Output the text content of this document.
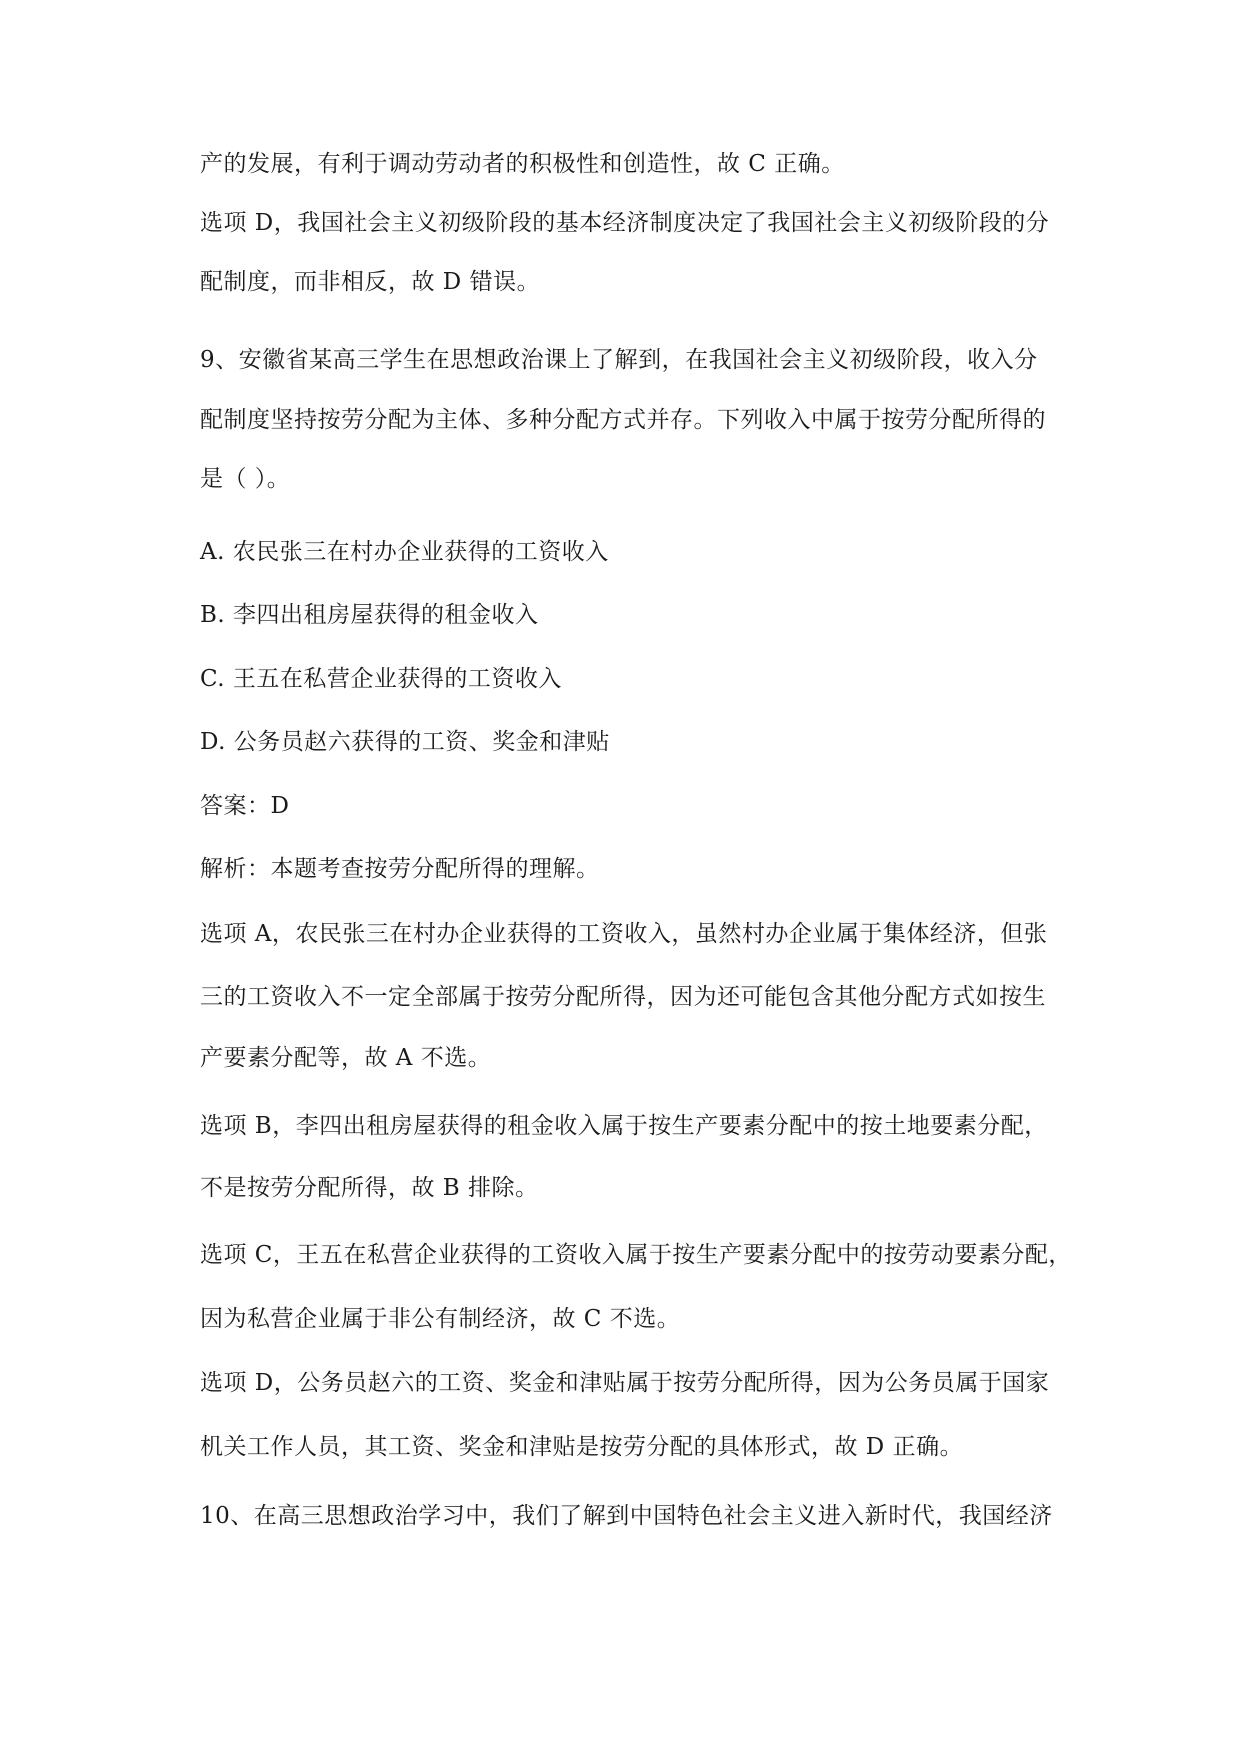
产的发展，有利于调动劳动者的积极性和创造性，故 C 正确。
选项 D，我国社会主义初级阶段的基本经济制度决定了我国社会主义初级阶段的分
配制度，而非相反，故 D 错误。
9、安徽省某高三学生在思想政治课上了解到，在我国社会主义初级阶段，收入分
配制度坚持按劳分配为主体、多种分配方式并存。下列收入中属于按劳分配所得的
是（ ）。
A. 农民张三在村办企业获得的工资收入
B. 李四出租房屋获得的租金收入
C. 王五在私营企业获得的工资收入
D. 公务员赵六获得的工资、奖金和津贴
答案：D
解析：本题考查按劳分配所得的理解。
选项 A，农民张三在村办企业获得的工资收入，虽然村办企业属于集体经济，但张
三的工资收入不一定全部属于按劳分配所得，因为还可能包含其他分配方式如按生
产要素分配等，故 A 不选。
选项 B，李四出租房屋获得的租金收入属于按生产要素分配中的按土地要素分配，
不是按劳分配所得，故 B 排除。
选项 C，王五在私营企业获得的工资收入属于按生产要素分配中的按劳动要素分配，
因为私营企业属于非公有制经济，故 C 不选。
选项 D，公务员赵六的工资、奖金和津贴属于按劳分配所得，因为公务员属于国家
机关工作人员，其工资、奖金和津贴是按劳分配的具体形式，故 D 正确。
10、在高三思想政治学习中，我们了解到中国特色社会主义进入新时代，我国经济
